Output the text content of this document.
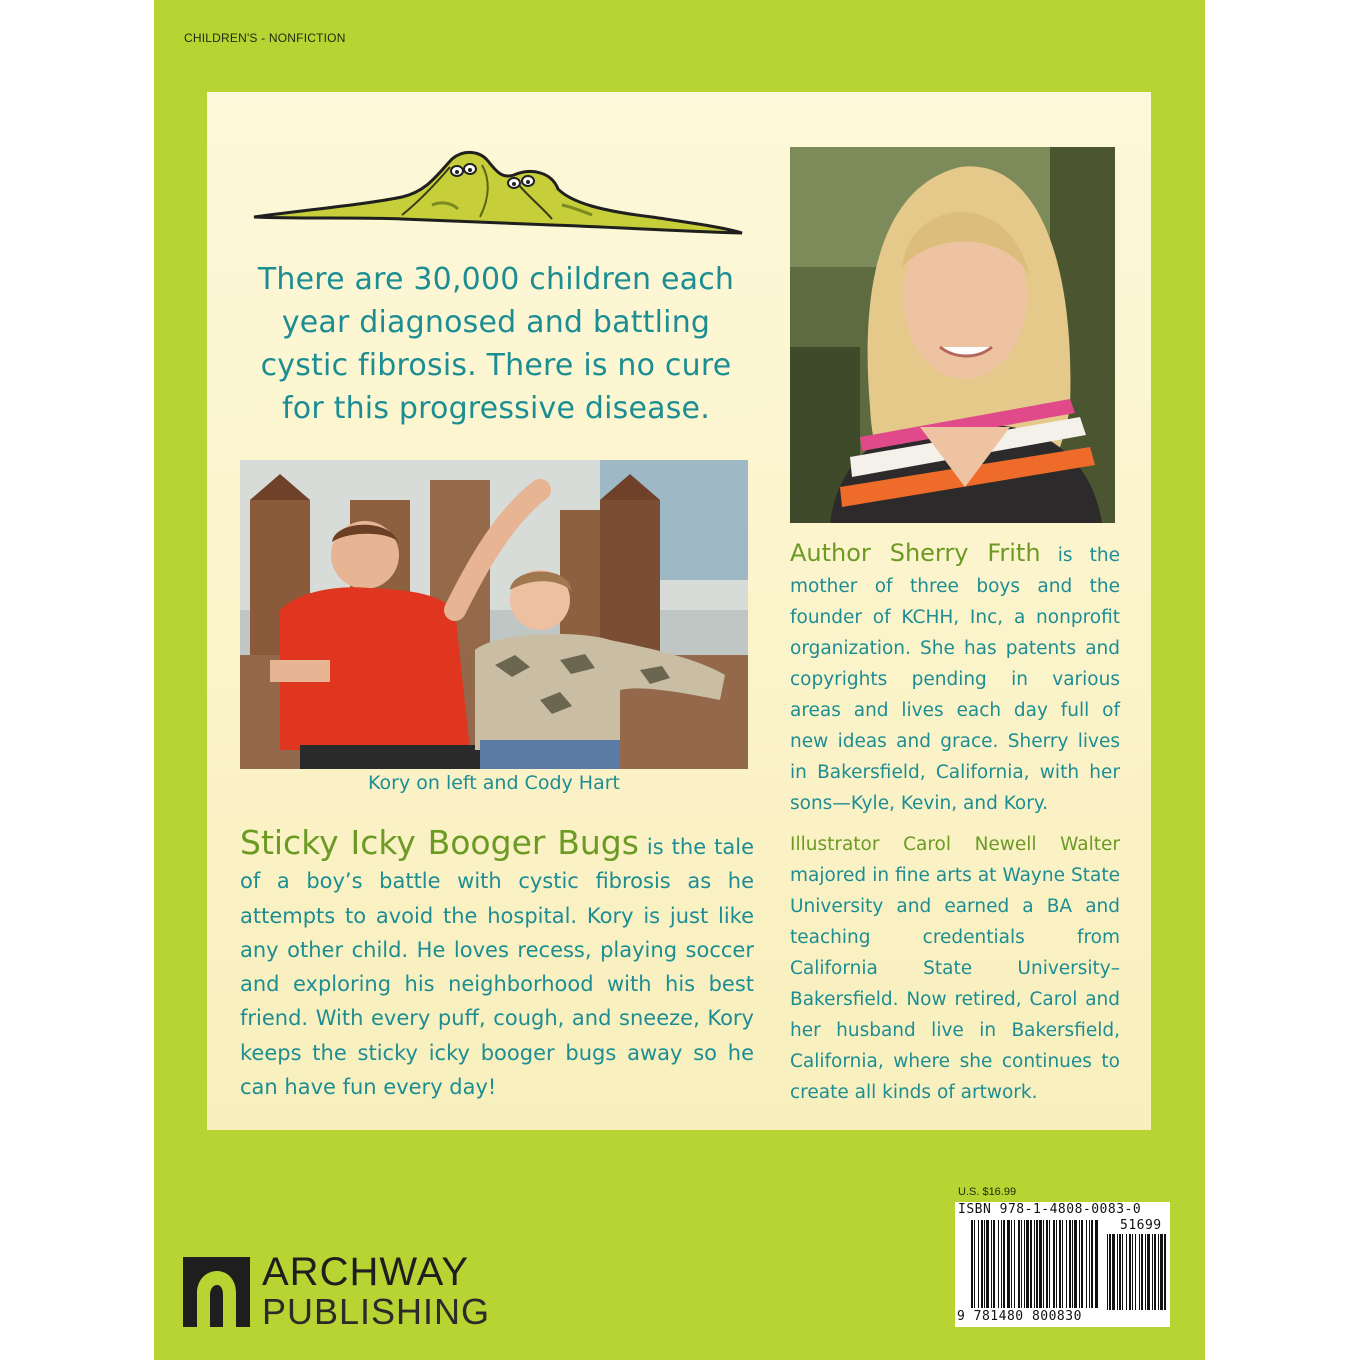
CHILDREN'S - NONFICTION
There are 30,000 children each year diagnosed and battling cystic fibrosis. There is no cure for this progressive disease.
Kory on left and Cody Hart
Sticky Icky Booger Bugs is the tale of a boy’s battle with cystic fibrosis as he attempts to avoid the hospital. Kory is just like any other child. He loves recess, playing soccer and exploring his neighborhood with his best friend. With every puff, cough, and sneeze, Kory keeps the sticky icky booger bugs away so he can have fun every day!
Author Sherry Frith is the mother of three boys and the founder of KCHH, Inc, a nonprofit organization. She has patents and copyrights pending in various areas and lives each day full of new ideas and grace. Sherry lives in Bakersfield, California, with her sons—Kyle, Kevin, and Kory.
Illustrator Carol Newell Walter majored in fine arts at Wayne State University and earned a BA and teaching credentials from California State University–Bakersfield. Now retired, Carol and her husband live in Bakersfield, California, where she continues to create all kinds of artwork.
ARCHWAY
PUBLISHING
U.S. $16.99
ISBN 978-1-4808-0083-0
51699
9 781480 800830
